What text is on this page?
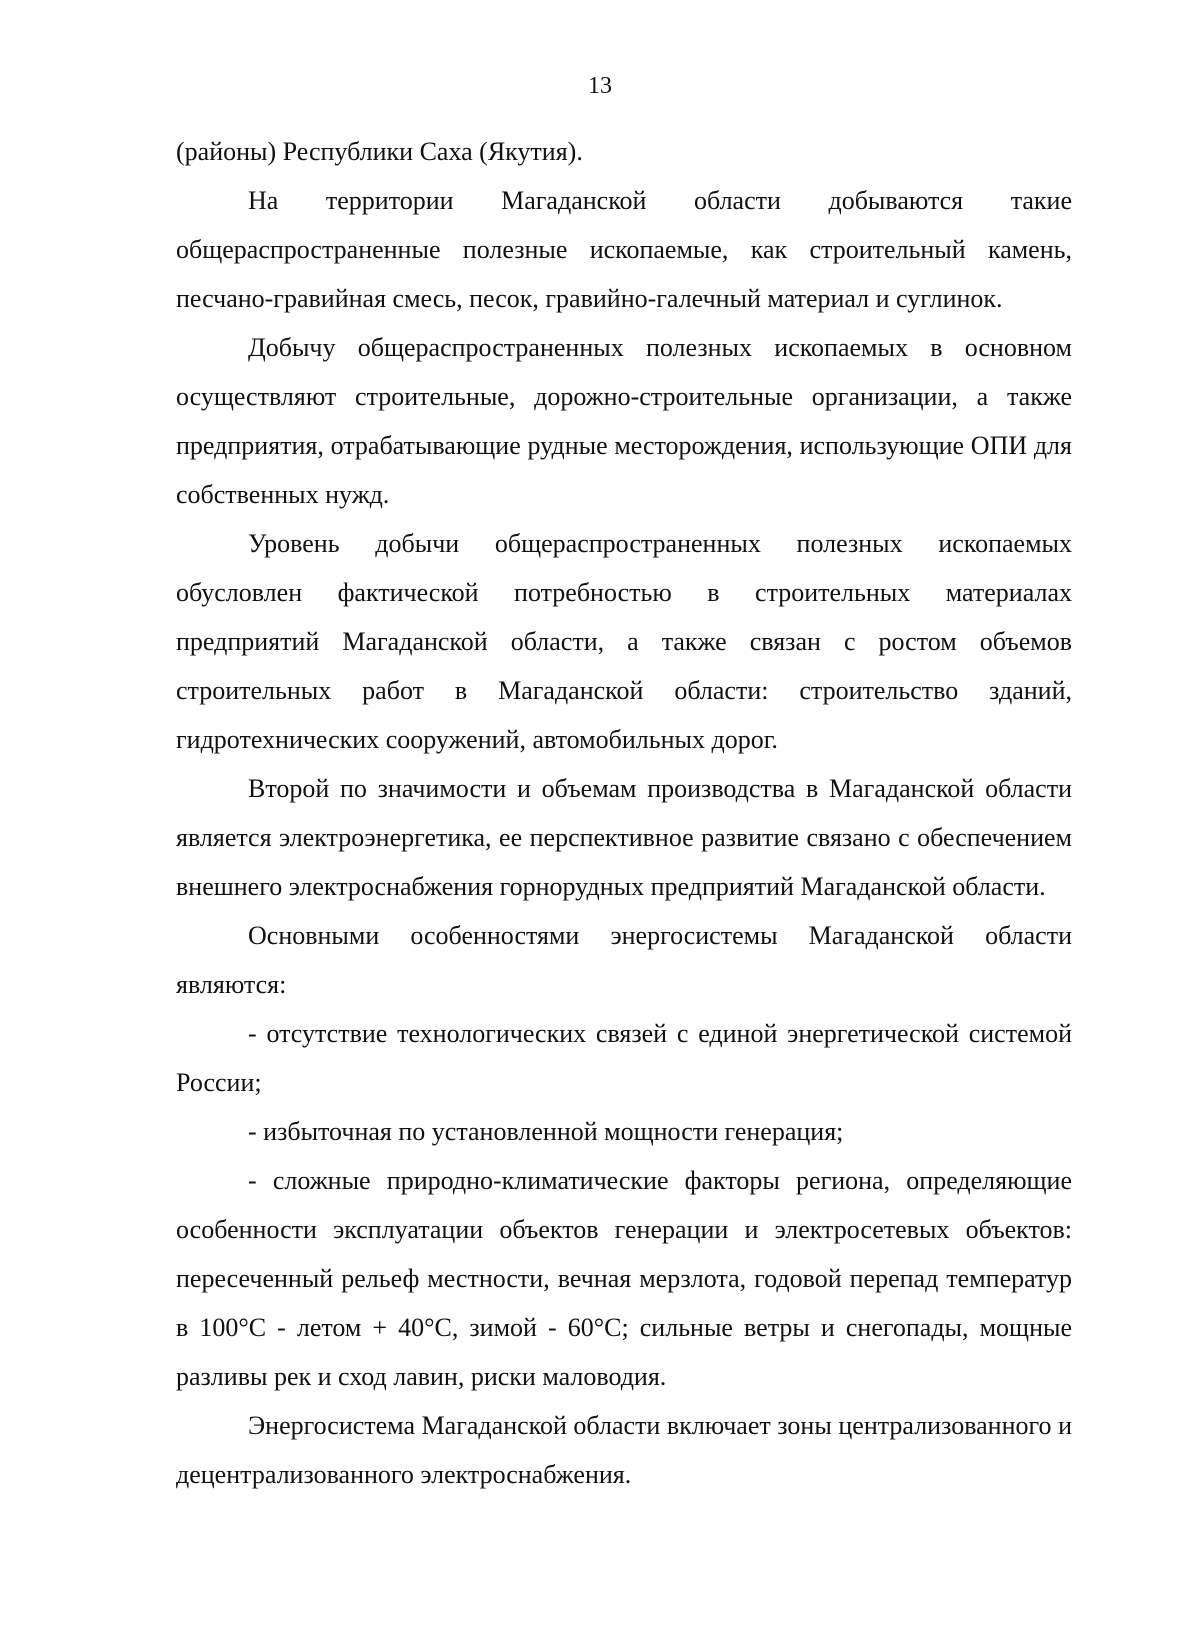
13

(районы) Республики Саха (Якутия).

На территории Магаданской области добываются такие общераспространенные полезные ископаемые, как строительный камень, песчано-гравийная смесь, песок, гравийно-галечный материал и суглинок.

Добычу общераспространенных полезных ископаемых в основном осуществляют строительные, дорожно-строительные организации, а также предприятия, отрабатывающие рудные месторождения, использующие ОПИ для собственных нужд.

Уровень добычи общераспространенных полезных ископаемых обусловлен фактической потребностью в строительных материалах предприятий Магаданской области, а также связан с ростом объемов строительных работ в Магаданской области: строительство зданий, гидротехнических сооружений, автомобильных дорог.

Второй по значимости и объемам производства в Магаданской области является электроэнергетика, ее перспективное развитие связано с обеспечением внешнего электроснабжения горнорудных предприятий Магаданской области.

Основными особенностями энергосистемы Магаданской области являются:

- отсутствие технологических связей с единой энергетической системой России;

- избыточная по установленной мощности генерация;

- сложные природно-климатические факторы региона, определяющие особенности эксплуатации объектов генерации и электросетевых объектов: пересеченный рельеф местности, вечная мерзлота, годовой перепад температур в 100°С - летом + 40°С, зимой - 60°С; сильные ветры и снегопады, мощные разливы рек и сход лавин, риски маловодия.

Энергосистема Магаданской области включает зоны централизованного и децентрализованного электроснабжения.
